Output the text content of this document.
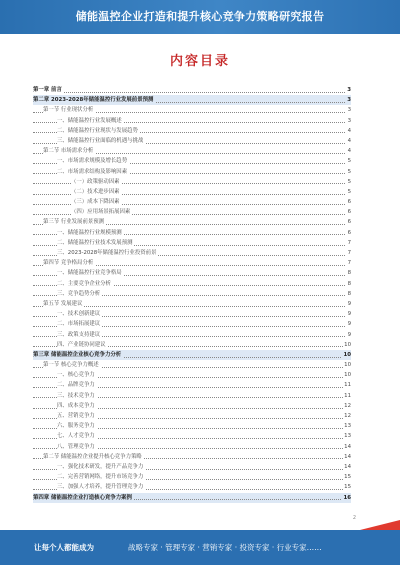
储能温控企业打造和提升核心竞争力策略研究报告
内容目录
第一章 前言	3
第二章 2023-2028年储能温控行业发展前景预测	3
第一节 行业现状分析	3
一、储能温控行业发展概述	3
二、储能温控行业现状与发展趋势	4
三、储能温控行业面临的机遇与挑战	4
第二节 市场需求分析	4
一、市场需求规模及增长趋势	5
二、市场需求结构及影响因素	5
（一）政策驱动因素	5
（二）技术进步因素	5
（三）成本下降因素	6
（四）应用场景拓展因素	6
第三节 行业发展前景预测	6
一、储能温控行业规模预测	6
二、储能温控行业技术发展预测	7
三、2023-2028年储能温控行业投资前景	7
第四节 竞争格局分析	7
一、储能温控行业竞争格局	8
二、主要竞争企业分析	8
三、竞争趋势分析	8
第五节 发展建议	9
一、技术创新建议	9
二、市场拓展建议	9
三、政策支持建议	9
四、产业链协同建议	10
第三章 储能温控企业核心竞争力分析	10
第一节 核心竞争力概述	10
一、核心竞争力	10
二、品牌竞争力	11
三、技术竞争力	11
四、成本竞争力	12
五、营销竞争力	12
六、服务竞争力	13
七、人才竞争力	13
八、管理竞争力	14
第二节 储能温控企业提升核心竞争力策略	14
一、强化技术研发，提升产品竞争力	14
二、完善营销网络，提升市场竞争力	15
三、加强人才培养，提升管理竞争力	15
第四章 储能温控企业打造核心竞争力案例	16
2
让每个人都能成为	战略专家 · 管理专家 · 营销专家 · 投资专家 · 行业专家……
